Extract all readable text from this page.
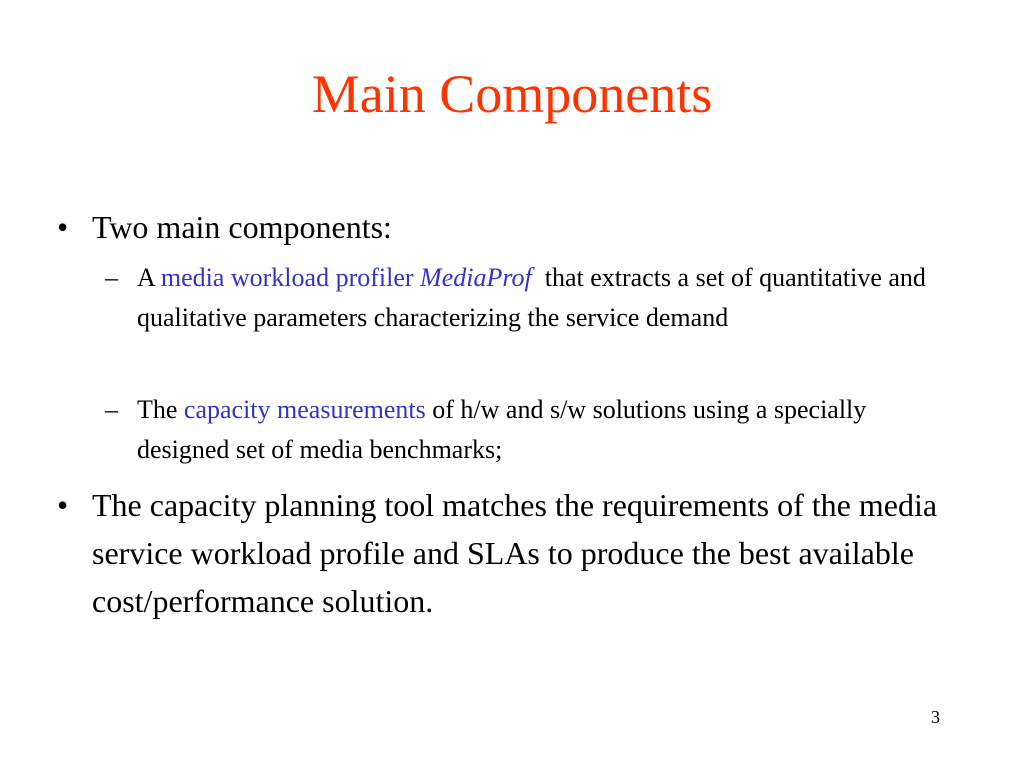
Main Components
• Two main components:
– A media workload profiler MediaProf  that extracts a set of quantitative and qualitative parameters characterizing the service demand
– The capacity measurements of h/w and s/w solutions using a specially designed set of media benchmarks;
• The capacity planning tool matches the requirements of the media service workload profile and SLAs to produce the best available cost/performance solution.
3
